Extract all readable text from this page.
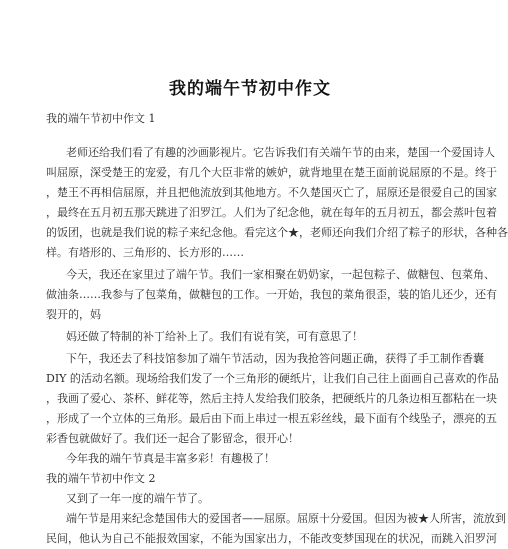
我的端午节初中作文
我的端午节初中作文 1
老师还给我们看了有趣的沙画影视片。它告诉我们有关端午节的由来，楚国一个爱国诗人
叫屈原，深受楚王的宠爱，有几个大臣非常的嫉妒，就背地里在楚王面前说屈原的不是。终于
，楚王不再相信屈原，并且把他流放到其他地方。不久楚国灭亡了，屈原还是很爱自己的国家
，最终在五月初五那天跳进了汨罗江。人们为了纪念他，就在每年的五月初五，都会蒸叶包着
的饭团，也就是我们说的粽子来纪念他。看完这个★，老师还向我们介绍了粽子的形状，各种各
样。有塔形的、三角形的、长方形的……
今天，我还在家里过了端午节。我们一家相聚在奶奶家，一起包粽子、做糖包、包菜角、
做油条……我参与了包菜角，做糖包的工作。一开始，我包的菜角很歪，装的馅儿还少，还有
裂开的，妈
妈还做了特制的补丁给补上了。我们有说有笑，可有意思了！
下午，我还去了科技馆参加了端午节活动，因为我抢答问题正确，获得了手工制作香囊
DIY 的活动名额。现场给我们发了一个三角形的硬纸片，让我们自己往上面画自己喜欢的作品
，我画了爱心、茶杯、鲜花等，然后主持人发给我们胶条，把硬纸片的几条边相互都粘在一块
，形成了一个立体的三角形。最后由下而上串过一根五彩丝线，最下面有个线坠子，漂亮的五
彩香包就做好了。我们还一起合了影留念，很开心！
今年我的端午节真是丰富多彩！有趣极了！
我的端午节初中作文 2
又到了一年一度的端午节了。
端午节是用来纪念楚国伟大的爱国者——屈原。屈原十分爱国。但因为被★人所害，流放到
民间，他认为自己不能报效国家，不能为国家出力，不能改变梦国现在的状况，而跳入汨罗河
